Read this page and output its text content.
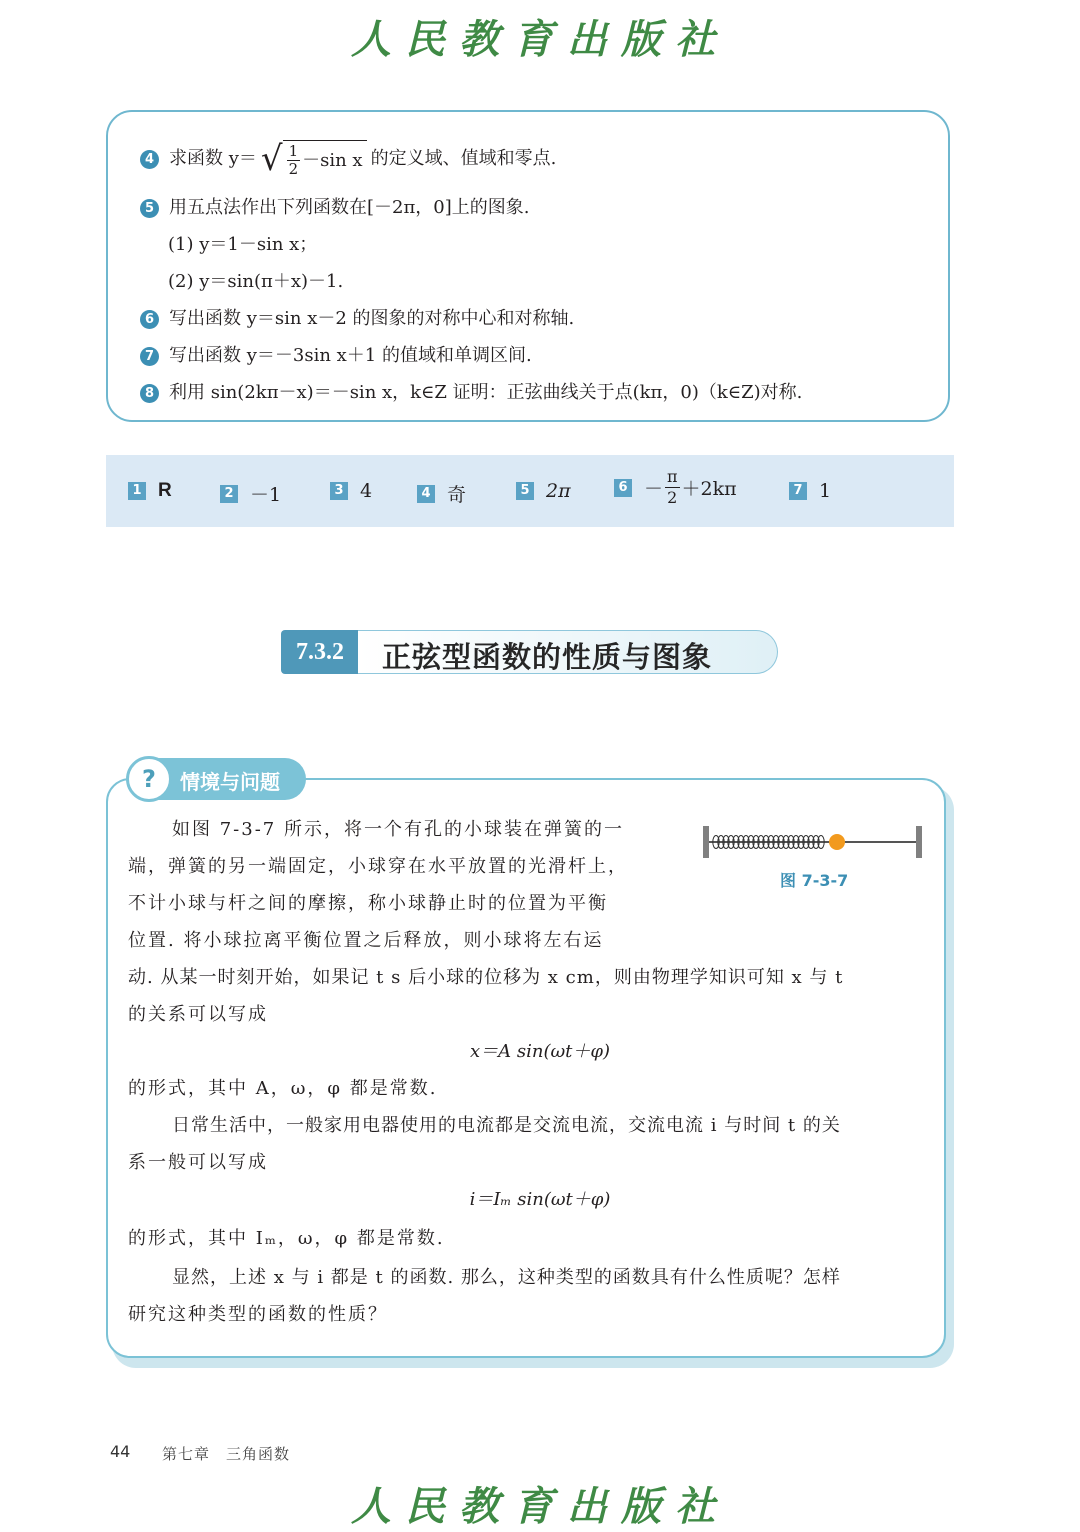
人民教育出版社
4 求函数 y＝ √ $\frac{1}{2} -\sin$ x 的定义域、值域和零点.
5 用五点法作出下列函数在[－2π，0]上的图象.
(1) y＝1－sin x；
(2) y＝sin(π＋x)－1.
6 写出函数 y＝sin x－2 的图象的对称中心和对称轴.
7 写出函数 y＝－3sin x＋1 的值域和单调区间.
8 利用 sin(2kπ－x)＝－sin x，k∈Z 证明：正弦曲线关于点(kπ，0)（k∈Z)对称.
1 R	2 －1	3 4	4 奇	5 2π	$6 - \frac{\pi}{2} +2k\pi$	7 1
7.3.2	正弦型函数的性质与图象
?	情境与问题
图 7-3-7
如图 7-3-7 所示，将一个有孔的小球装在弹簧的一
端，弹簧的另一端固定，小球穿在水平放置的光滑杆上，
不计小球与杆之间的摩擦，称小球静止时的位置为平衡
位置. 将小球拉离平衡位置之后释放，则小球将左右运
动. 从某一时刻开始，如果记 t s 后小球的位移为 x cm，则由物理学知识可知 x 与 t
的关系可以写成
x＝A sin(ωt＋φ)
的形式，其中 A，ω，φ 都是常数.
日常生活中，一般家用电器使用的电流都是交流电流，交流电流 i 与时间 t 的关
系一般可以写成
i＝Iₘ sin(ωt＋φ)
的形式，其中 Iₘ，ω，φ 都是常数.
显然，上述 x 与 i 都是 t 的函数. 那么，这种类型的函数具有什么性质呢？怎样
研究这种类型的函数的性质？
44 第七章　三角函数
人民教育出版社
